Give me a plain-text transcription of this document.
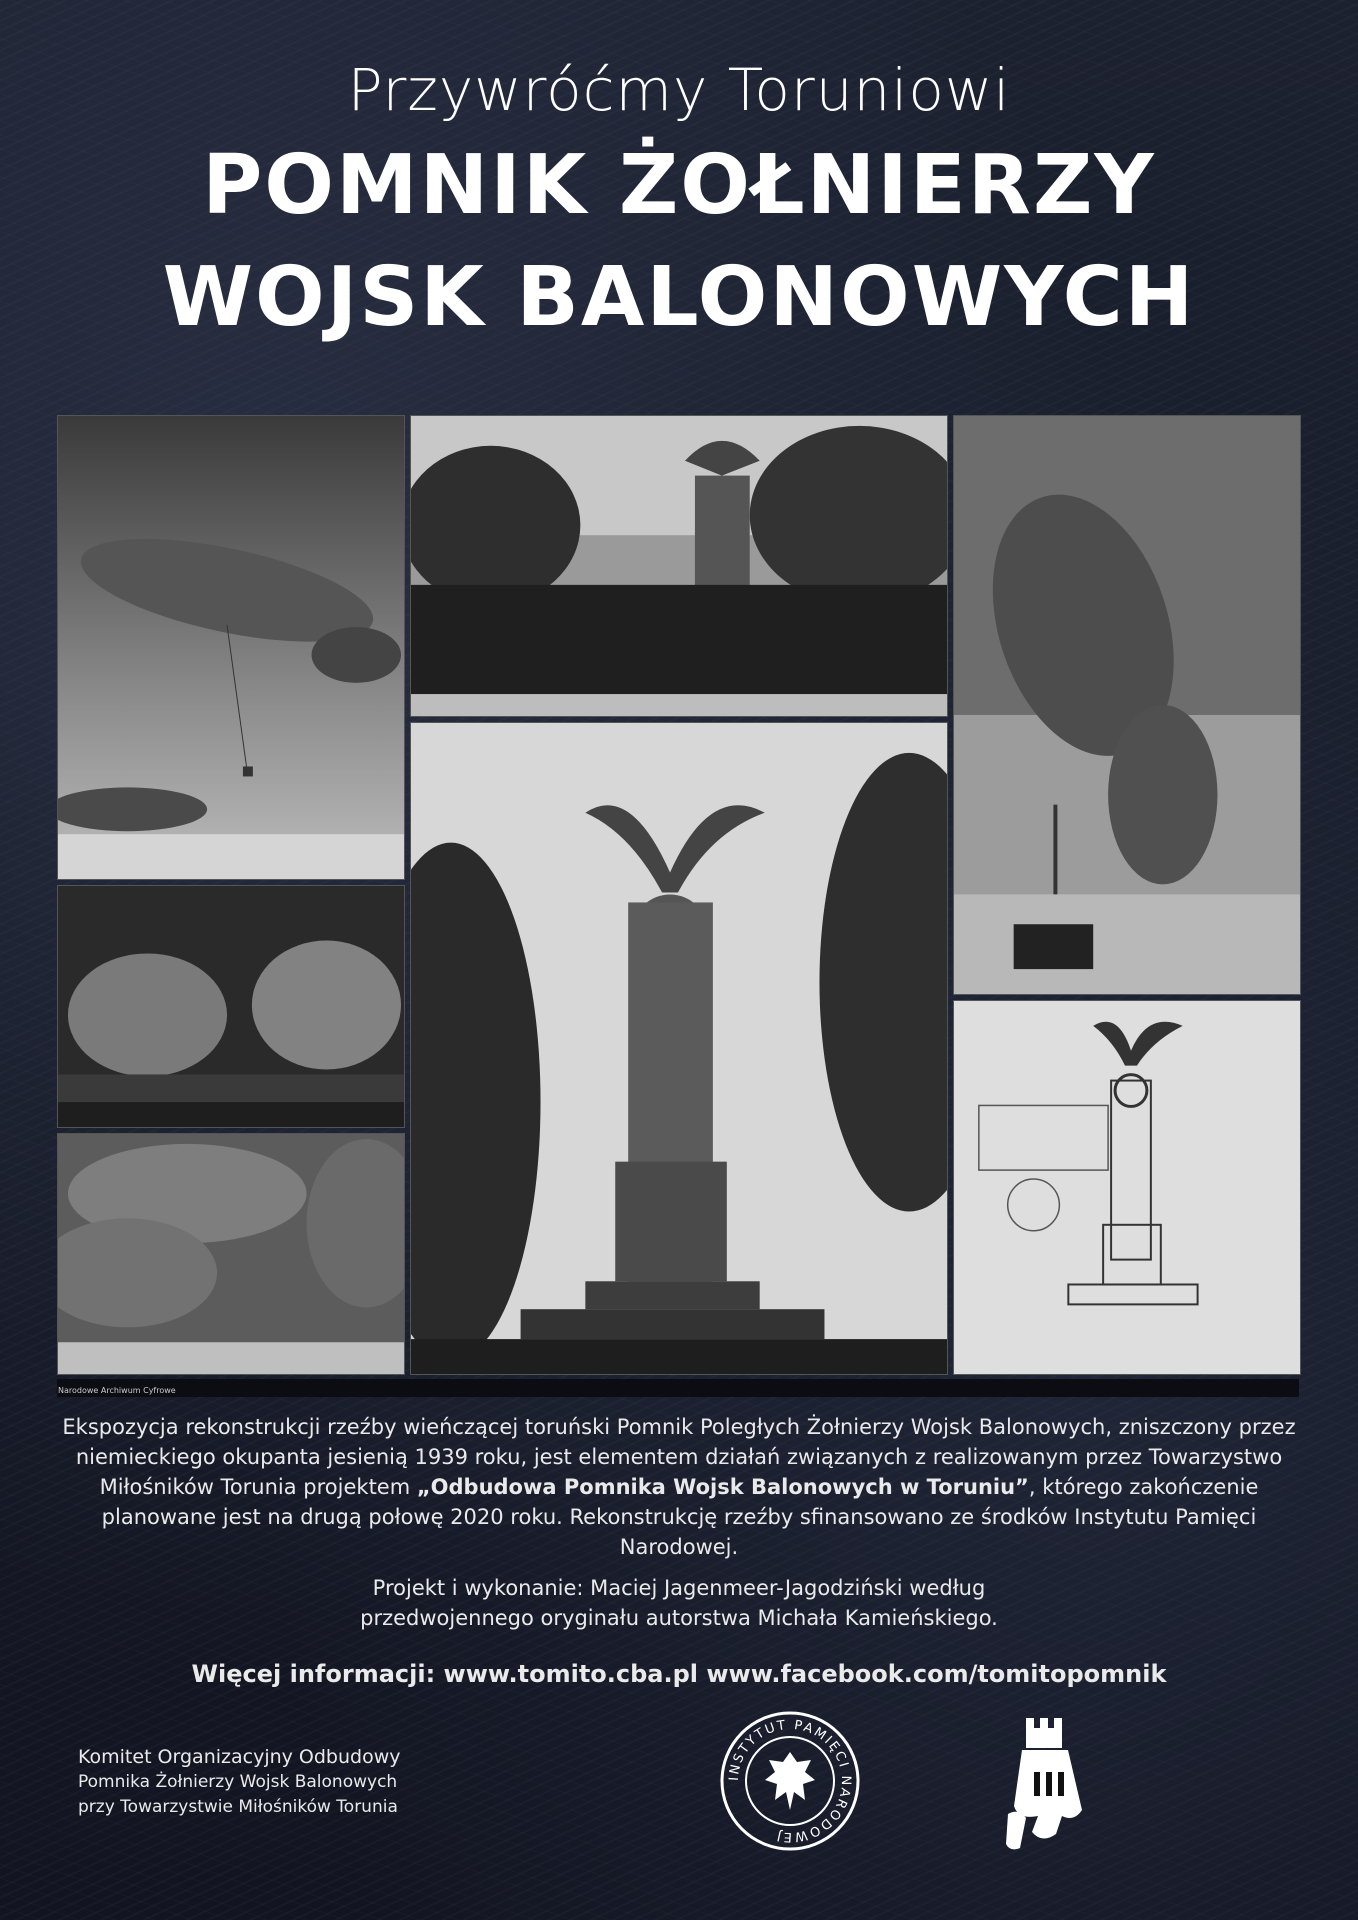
Przywróćmy Toruniowi

POMNIK ŻOŁNIERZY

WOJSK BALONOWYCH

Narodowe Archiwum Cyfrowe
Ekspozycja rekonstrukcji rzeźby wieńczącej toruński Pomnik Poległych Żołnierzy Wojsk Balonowych, zniszczony przez niemieckiego okupanta jesienią 1939 roku, jest elementem działań związanych z realizowanym przez Towarzystwo Miłośników Torunia projektem „Odbudowa Pomnika Wojsk Balonowych w Toruniu”, którego zakończenie planowane jest na drugą połowę 2020 roku. Rekonstrukcję rzeźby sfinansowano ze środków Instytutu Pamięci Narodowej.
Projekt i wykonanie: Maciej Jagenmeer-Jagodziński według
przedwojennego oryginału autorstwa Michała Kamieńskiego.
Więcej informacji: www.tomito.cba.pl www.facebook.com/tomitopomnik
Komitet Organizacyjny Odbudowy
Pomnika Żołnierzy Wojsk Balonowych
przy Towarzystwie Miłośników Torunia
INSTYTUT PAMIĘCI NARODOWEJ
